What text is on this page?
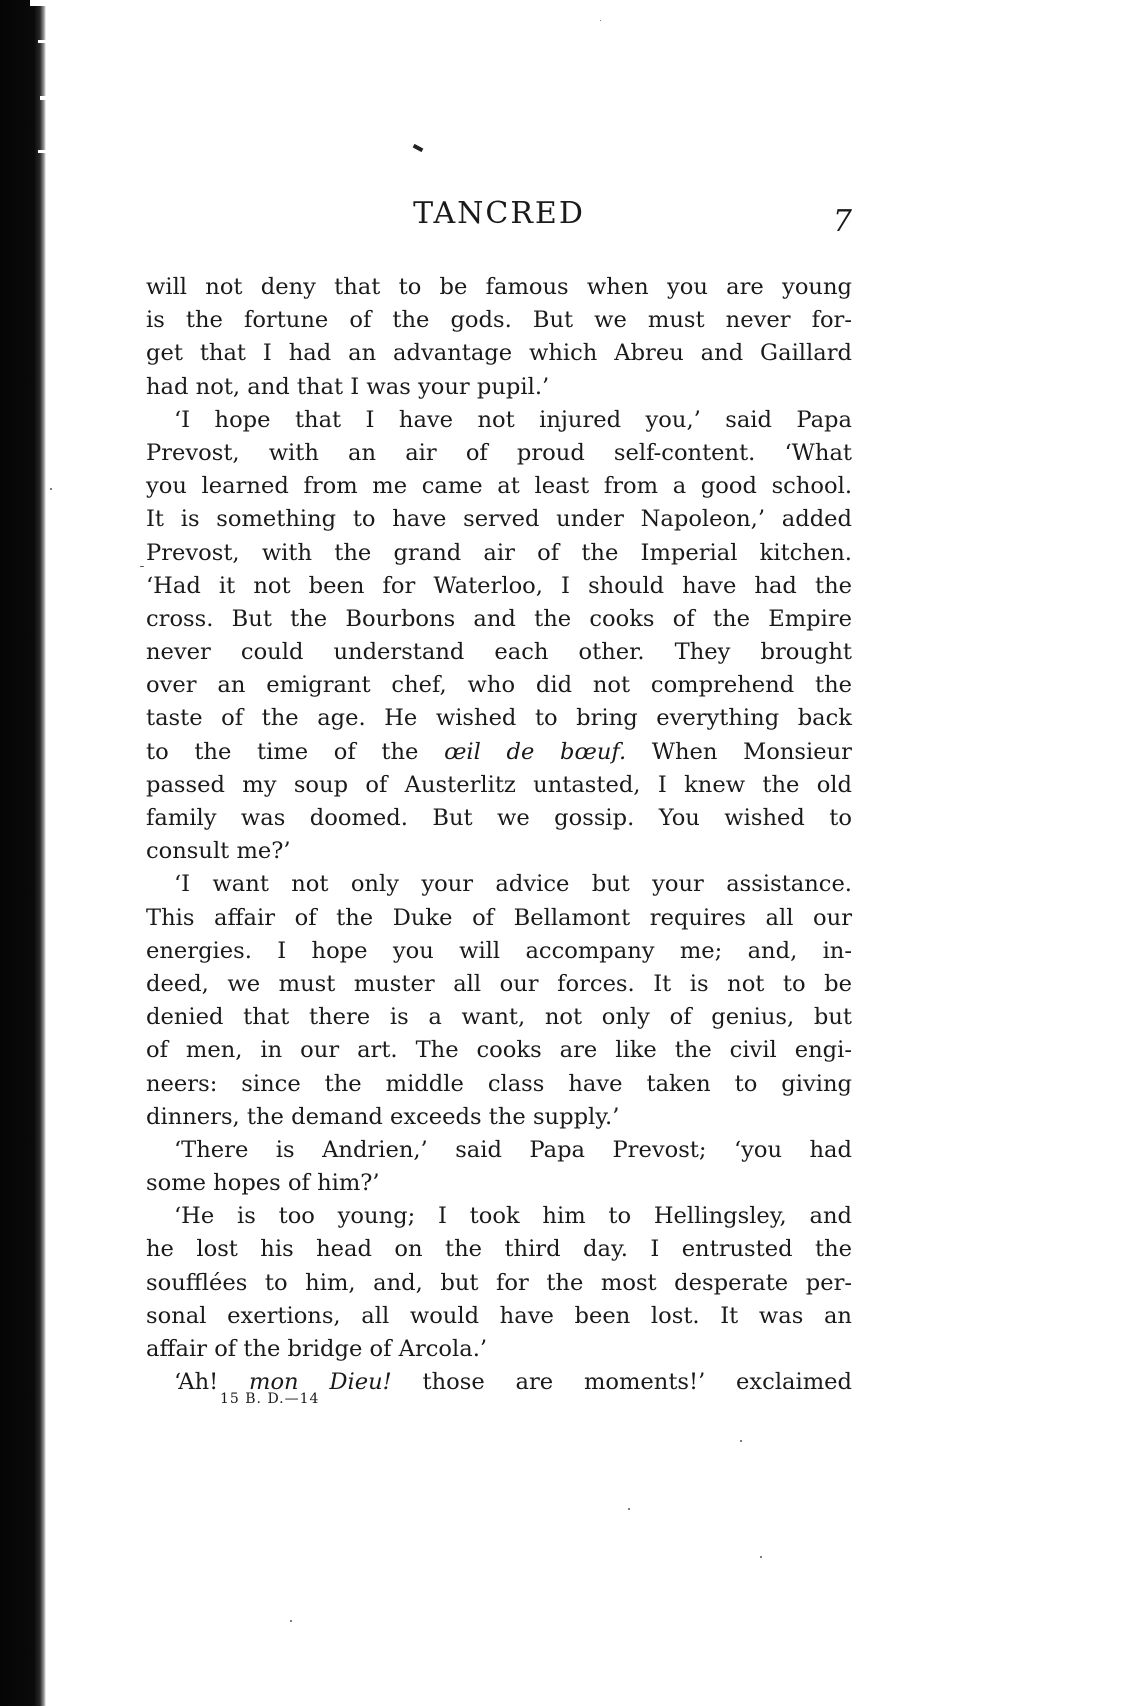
TANCRED	7
will not deny that to be famous when you are young
is the fortune of the gods. But we must never for-
get that I had an advantage which Abreu and Gaillard
had not, and that I was your pupil.’
‘I hope that I have not injured you,’ said Papa
Prevost, with an air of proud self-content. ‘What
you learned from me came at least from a good school.
It is something to have served under Napoleon,’ added
Prevost, with the grand air of the Imperial kitchen.
‘Had it not been for Waterloo, I should have had the
cross. But the Bourbons and the cooks of the Empire
never could understand each other. They brought
over an emigrant chef, who did not comprehend the
taste of the age. He wished to bring everything back
to the time of the œil de bœuf. When Monsieur
passed my soup of Austerlitz untasted, I knew the old
family was doomed. But we gossip. You wished to
consult me?’
‘I want not only your advice but your assistance.
This affair of the Duke of Bellamont requires all our
energies. I hope you will accompany me; and, in-
deed, we must muster all our forces. It is not to be
denied that there is a want, not only of genius, but
of men, in our art. The cooks are like the civil engi-
neers: since the middle class have taken to giving
dinners, the demand exceeds the supply.’
‘There is Andrien,’ said Papa Prevost; ‘you had
some hopes of him?’
‘He is too young; I took him to Hellingsley, and
he lost his head on the third day. I entrusted the
soufflées to him, and, but for the most desperate per-
sonal exertions, all would have been lost. It was an
affair of the bridge of Arcola.’
‘Ah! mon Dieu! those are moments!’ exclaimed
15 B. D.—14
